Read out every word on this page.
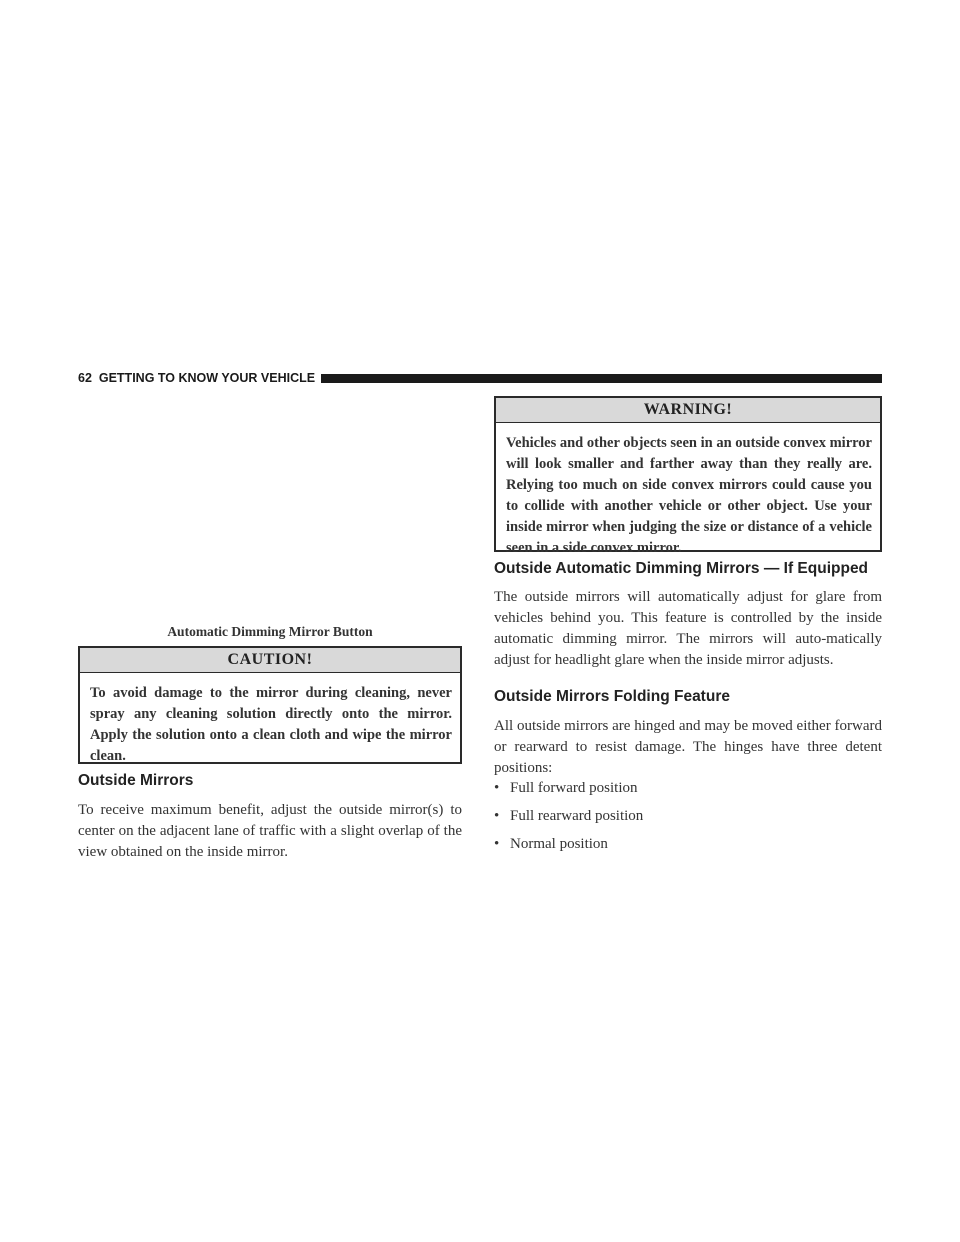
62 GETTING TO KNOW YOUR VEHICLE
Automatic Dimming Mirror Button
CAUTION!
To avoid damage to the mirror during cleaning, never spray any cleaning solution directly onto the mirror. Apply the solution onto a clean cloth and wipe the mirror clean.
Outside Mirrors
To receive maximum benefit, adjust the outside mirror(s) to center on the adjacent lane of traffic with a slight overlap of the view obtained on the inside mirror.
WARNING!
Vehicles and other objects seen in an outside convex mirror will look smaller and farther away than they really are. Relying too much on side convex mirrors could cause you to collide with another vehicle or other object. Use your inside mirror when judging the size or distance of a vehicle seen in a side convex mirror.
Outside Automatic Dimming Mirrors — If Equipped
The outside mirrors will automatically adjust for glare from vehicles behind you. This feature is controlled by the inside automatic dimming mirror. The mirrors will auto-matically adjust for headlight glare when the inside mirror adjusts.
Outside Mirrors Folding Feature
All outside mirrors are hinged and may be moved either forward or rearward to resist damage. The hinges have three detent positions:
• Full forward position
• Full rearward position
• Normal position
